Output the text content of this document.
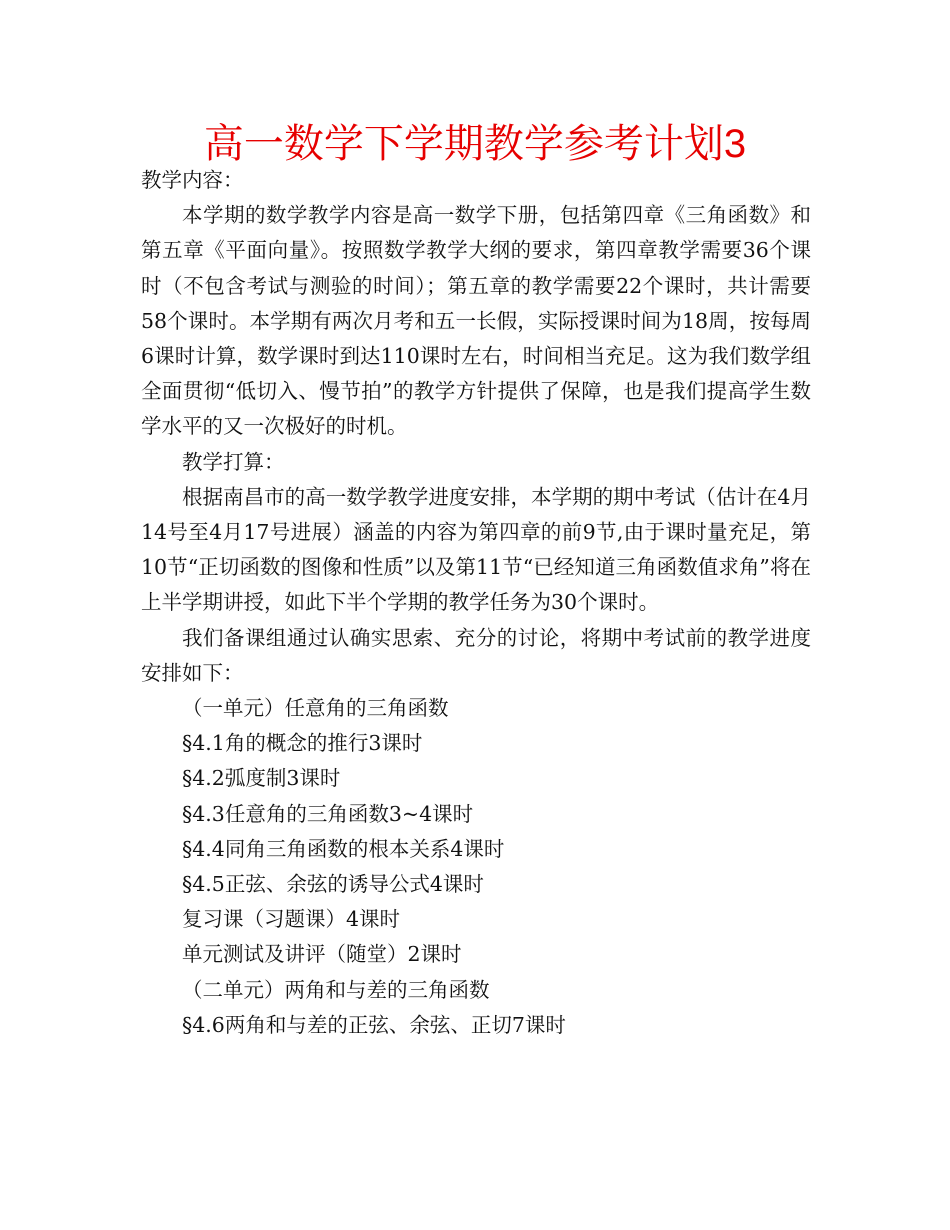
高一数学下学期教学参考计划3

教学内容：

本学期的数学教学内容是高一数学下册，包括第四章《三角函数》和第五章《平面向量》。按照数学教学大纲的要求，第四章教学需要36个课时（不包含考试与测验的时间）；第五章的教学需要22个课时，共计需要58个课时。本学期有两次月考和五一长假，实际授课时间为18周，按每周6课时计算，数学课时到达110课时左右，时间相当充足。这为我们数学组全面贯彻“低切入、慢节拍”的教学方针提供了保障，也是我们提高学生数学水平的又一次极好的时机。

教学打算：

根据南昌市的高一数学教学进度安排，本学期的期中考试（估计在4月14号至4月17号进展）涵盖的内容为第四章的前9节,由于课时量充足，第10节“正切函数的图像和性质”以及第11节“已经知道三角函数值求角”将在上半学期讲授，如此下半个学期的教学任务为30个课时。

我们备课组通过认确实思索、充分的讨论，将期中考试前的教学进度安排如下：

（一单元）任意角的三角函数

§4.1角的概念的推行3课时

§4.2弧度制3课时

§4.3任意角的三角函数3~4课时

§4.4同角三角函数的根本关系4课时

§4.5正弦、余弦的诱导公式4课时

复习课（习题课）4课时

单元测试及讲评（随堂）2课时

（二单元）两角和与差的三角函数

§4.6两角和与差的正弦、余弦、正切7课时
